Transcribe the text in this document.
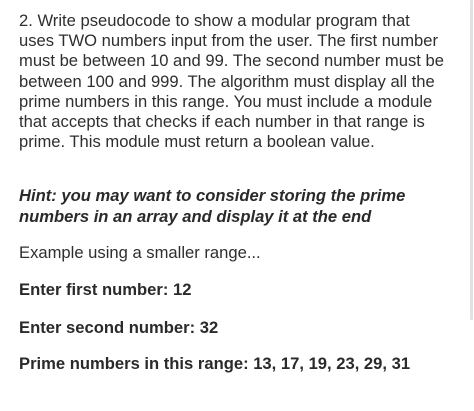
2. Write pseudocode to show a modular program that
uses TWO numbers input from the user. The first number
must be between 10 and 99. The second number must be
between 100 and 999. The algorithm must display all the
prime numbers in this range. You must include a module
that accepts that checks if each number in that range is
prime. This module must return a boolean value.
Hint: you may want to consider storing the prime
numbers in an array and display it at the end
Example using a smaller range...
Enter first number: 12
Enter second number: 32
Prime numbers in this range: 13, 17, 19, 23, 29, 31
